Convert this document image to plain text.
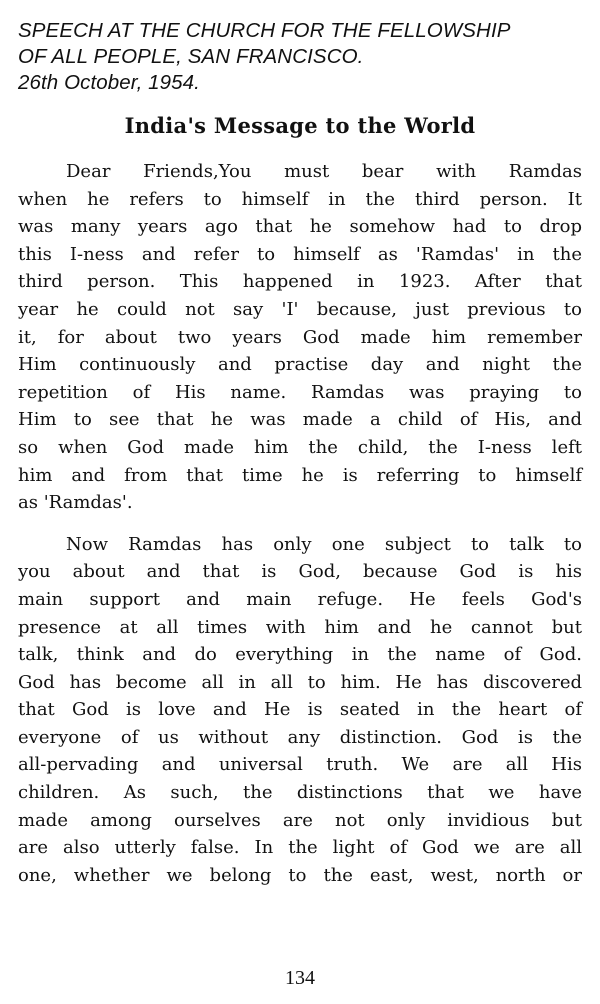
SPEECH AT THE CHURCH FOR THE FELLOWSHIP
OF ALL PEOPLE, SAN FRANCISCO.
26th October, 1954.
India's Message to the World

Dear Friends,You must bear with Ramdas
when he refers to himself in the third person. It
was many years ago that he somehow had to drop
this I-ness and refer to himself as 'Ramdas' in the
third person. This happened in 1923. After that
year he could not say 'I' because, just previous to
it, for about two years God made him remember
Him continuously and practise day and night the
repetition of His name. Ramdas was praying to
Him to see that he was made a child of His, and
so when God made him the child, the I-ness left
him and from that time he is referring to himself
as 'Ramdas'.

Now Ramdas has only one subject to talk to
you about and that is God, because God is his
main support and main refuge. He feels God's
presence at all times with him and he cannot but
talk, think and do everything in the name of God.
God has become all in all to him. He has discovered
that God is love and He is seated in the heart of
everyone of us without any distinction. God is the
all-pervading and universal truth. We are all His
children. As such, the distinctions that we have
made among ourselves are not only invidious but
are also utterly false. In the light of God we are all
one, whether we belong to the east, west, north or

134
